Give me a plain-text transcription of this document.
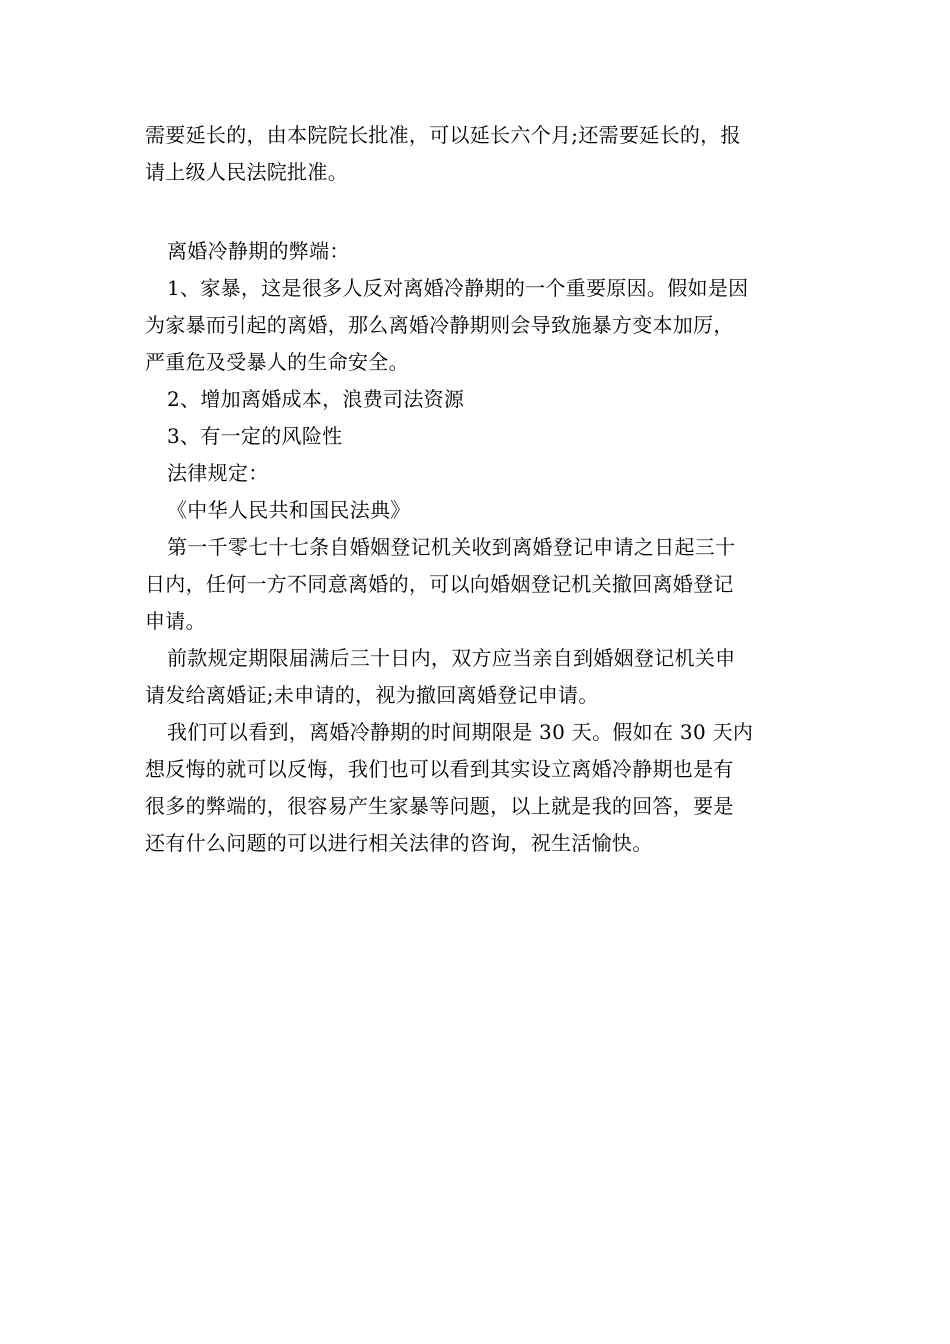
需要延长的，由本院院长批准，可以延长六个月;还需要延长的，报
请上级人民法院批准。

离婚冷静期的弊端：

1、家暴，这是很多人反对离婚冷静期的一个重要原因。假如是因
为家暴而引起的离婚，那么离婚冷静期则会导致施暴方变本加厉，
严重危及受暴人的生命安全。

2、增加离婚成本，浪费司法资源

3、有一定的风险性

法律规定：

《中华人民共和国民法典》

第一千零七十七条自婚姻登记机关收到离婚登记申请之日起三十
日内，任何一方不同意离婚的，可以向婚姻登记机关撤回离婚登记
申请。

前款规定期限届满后三十日内，双方应当亲自到婚姻登记机关申
请发给离婚证;未申请的，视为撤回离婚登记申请。

我们可以看到，离婚冷静期的时间期限是 30 天。假如在 30 天内
想反悔的就可以反悔，我们也可以看到其实设立离婚冷静期也是有
很多的弊端的，很容易产生家暴等问题，以上就是我的回答，要是
还有什么问题的可以进行相关法律的咨询，祝生活愉快。
